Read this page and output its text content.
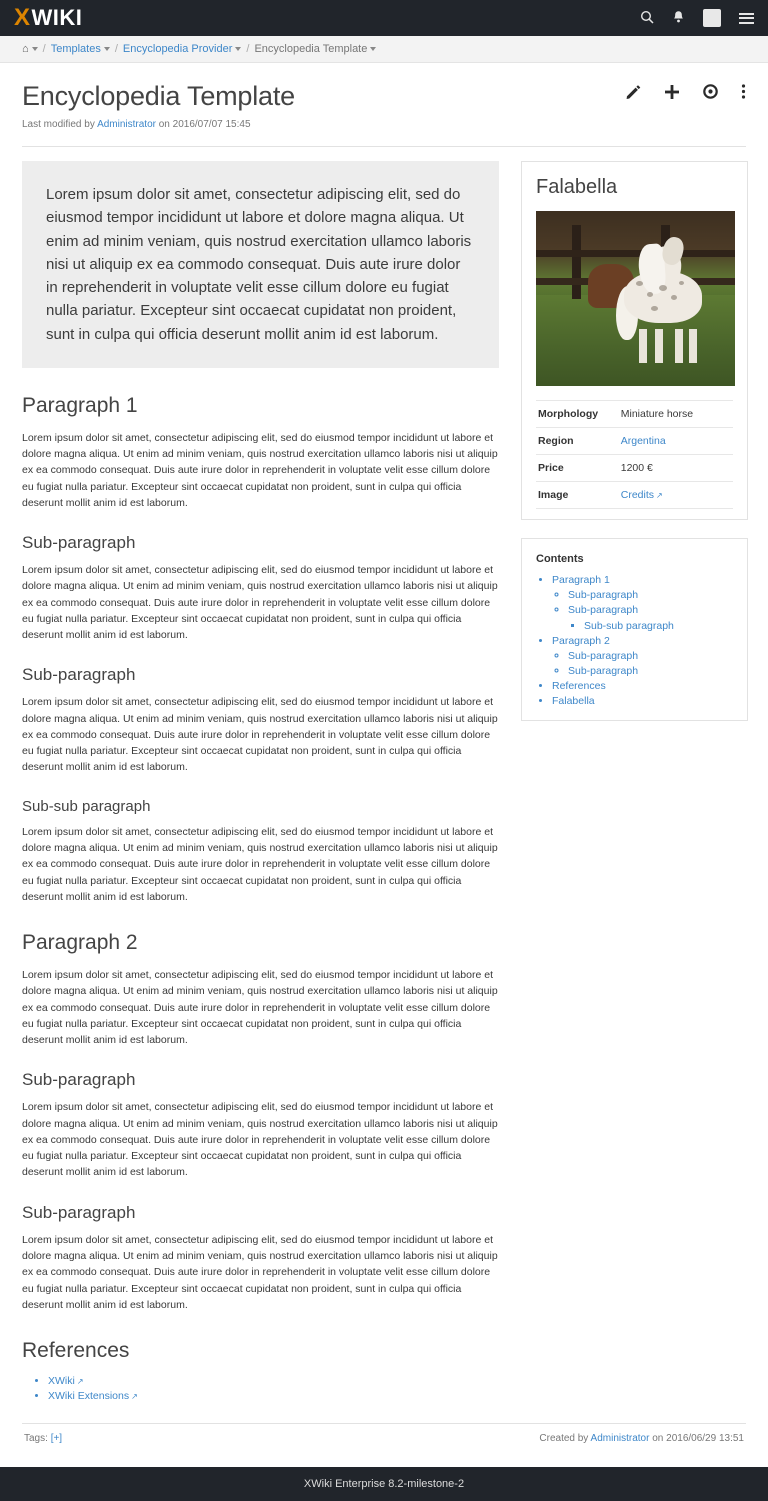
X WIKI
⌂ / Templates / Encyclopedia Provider / Encyclopedia Template
Encyclopedia Template
Last modified by Administrator on 2016/07/07 15:45
Lorem ipsum dolor sit amet, consectetur adipiscing elit, sed do eiusmod tempor incididunt ut labore et dolore magna aliqua. Ut enim ad minim veniam, quis nostrud exercitation ullamco laboris nisi ut aliquip ex ea commodo consequat. Duis aute irure dolor in reprehenderit in voluptate velit esse cillum dolore eu fugiat nulla pariatur. Excepteur sint occaecat cupidatat non proident, sunt in culpa qui officia deserunt mollit anim id est laborum.
Paragraph 1

Lorem ipsum dolor sit amet, consectetur adipiscing elit, sed do eiusmod tempor incididunt ut labore et dolore magna aliqua. Ut enim ad minim veniam, quis nostrud exercitation ullamco laboris nisi ut aliquip ex ea commodo consequat. Duis aute irure dolor in reprehenderit in voluptate velit esse cillum dolore eu fugiat nulla pariatur. Excepteur sint occaecat cupidatat non proident, sunt in culpa qui officia deserunt mollit anim id est laborum.

Sub-paragraph

Lorem ipsum dolor sit amet, consectetur adipiscing elit, sed do eiusmod tempor incididunt ut labore et dolore magna aliqua. Ut enim ad minim veniam, quis nostrud exercitation ullamco laboris nisi ut aliquip ex ea commodo consequat. Duis aute irure dolor in reprehenderit in voluptate velit esse cillum dolore eu fugiat nulla pariatur. Excepteur sint occaecat cupidatat non proident, sunt in culpa qui officia deserunt mollit anim id est laborum.

Sub-paragraph

Lorem ipsum dolor sit amet, consectetur adipiscing elit, sed do eiusmod tempor incididunt ut labore et dolore magna aliqua. Ut enim ad minim veniam, quis nostrud exercitation ullamco laboris nisi ut aliquip ex ea commodo consequat. Duis aute irure dolor in reprehenderit in voluptate velit esse cillum dolore eu fugiat nulla pariatur. Excepteur sint occaecat cupidatat non proident, sunt in culpa qui officia deserunt mollit anim id est laborum.

Sub-sub paragraph

Lorem ipsum dolor sit amet, consectetur adipiscing elit, sed do eiusmod tempor incididunt ut labore et dolore magna aliqua. Ut enim ad minim veniam, quis nostrud exercitation ullamco laboris nisi ut aliquip ex ea commodo consequat. Duis aute irure dolor in reprehenderit in voluptate velit esse cillum dolore eu fugiat nulla pariatur. Excepteur sint occaecat cupidatat non proident, sunt in culpa qui officia deserunt mollit anim id est laborum.

Paragraph 2

Lorem ipsum dolor sit amet, consectetur adipiscing elit, sed do eiusmod tempor incididunt ut labore et dolore magna aliqua. Ut enim ad minim veniam, quis nostrud exercitation ullamco laboris nisi ut aliquip ex ea commodo consequat. Duis aute irure dolor in reprehenderit in voluptate velit esse cillum dolore eu fugiat nulla pariatur. Excepteur sint occaecat cupidatat non proident, sunt in culpa qui officia deserunt mollit anim id est laborum.

Sub-paragraph

Lorem ipsum dolor sit amet, consectetur adipiscing elit, sed do eiusmod tempor incididunt ut labore et dolore magna aliqua. Ut enim ad minim veniam, quis nostrud exercitation ullamco laboris nisi ut aliquip ex ea commodo consequat. Duis aute irure dolor in reprehenderit in voluptate velit esse cillum dolore eu fugiat nulla pariatur. Excepteur sint occaecat cupidatat non proident, sunt in culpa qui officia deserunt mollit anim id est laborum.

Sub-paragraph

Lorem ipsum dolor sit amet, consectetur adipiscing elit, sed do eiusmod tempor incididunt ut labore et dolore magna aliqua. Ut enim ad minim veniam, quis nostrud exercitation ullamco laboris nisi ut aliquip ex ea commodo consequat. Duis aute irure dolor in reprehenderit in voluptate velit esse cillum dolore eu fugiat nulla pariatur. Excepteur sint occaecat cupidatat non proident, sunt in culpa qui officia deserunt mollit anim id est laborum.

References
• XWiki ↗
• XWiki Extensions ↗
Falabella
Morphology	Miniature horse
Region	Argentina
Price	1200 €
Image	Credits ↗
Contents
• Paragraph 1
◦ Sub-paragraph
◦ Sub-paragraph
▪ Sub-sub paragraph
• Paragraph 2
◦ Sub-paragraph
◦ Sub-paragraph
• References
• Falabella
Tags: [+]	Created by Administrator on 2016/06/29 13:51
XWiki Enterprise 8.2-milestone-2
